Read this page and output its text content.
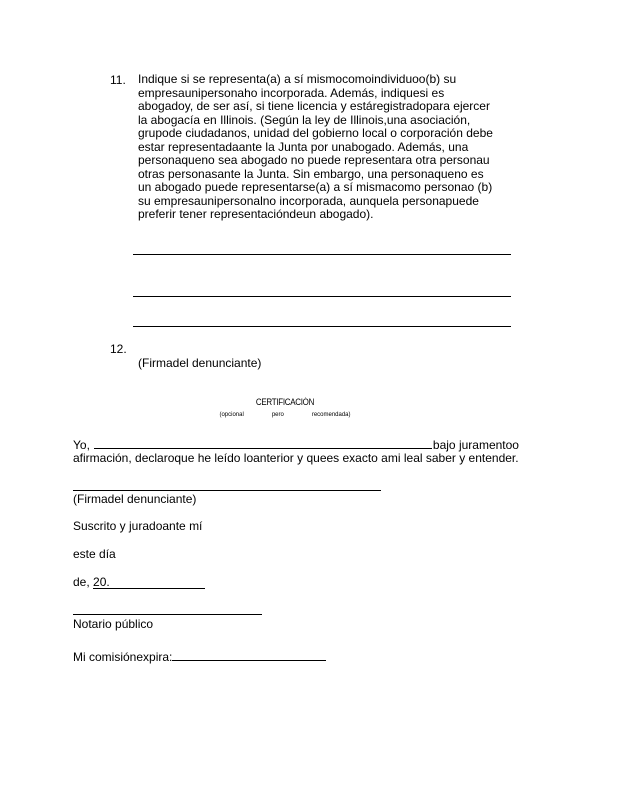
11. Indique si se representa(a) a sí mismocomoindividuoo(b) su
empresaunipersonaho incorporada. Además, indiquesi es
abogadoy, de ser así, si tiene licencia y estáregistradopara ejercer
la abogacía en Illinois. (Según la ley de Illinois,una asociación,
grupode ciudadanos, unidad del gobierno local o corporación debe
estar representadaante la Junta por unabogado. Además, una
personaqueno sea abogado no puede representara otra personau
otras personasante la Junta. Sin embargo, una personaqueno es
un abogado puede representarse(a) a sí mismacomo personao (b)
su empresaunipersonalno incorporada, aunquela personapuede
preferir tener representacióndeun abogado).
12.
(Firmadel denunciante)
CERTIFICACIÓN
(opcional	pero	recomendada)
Yo,	bajo juramentoo
afirmación, declaroque he leído loanterior y quees exacto ami leal saber y entender.
(Firmadel denunciante)
Suscrito y juradoante mí
este día
de, 20.
Notario público
Mi comisiónexpira:
